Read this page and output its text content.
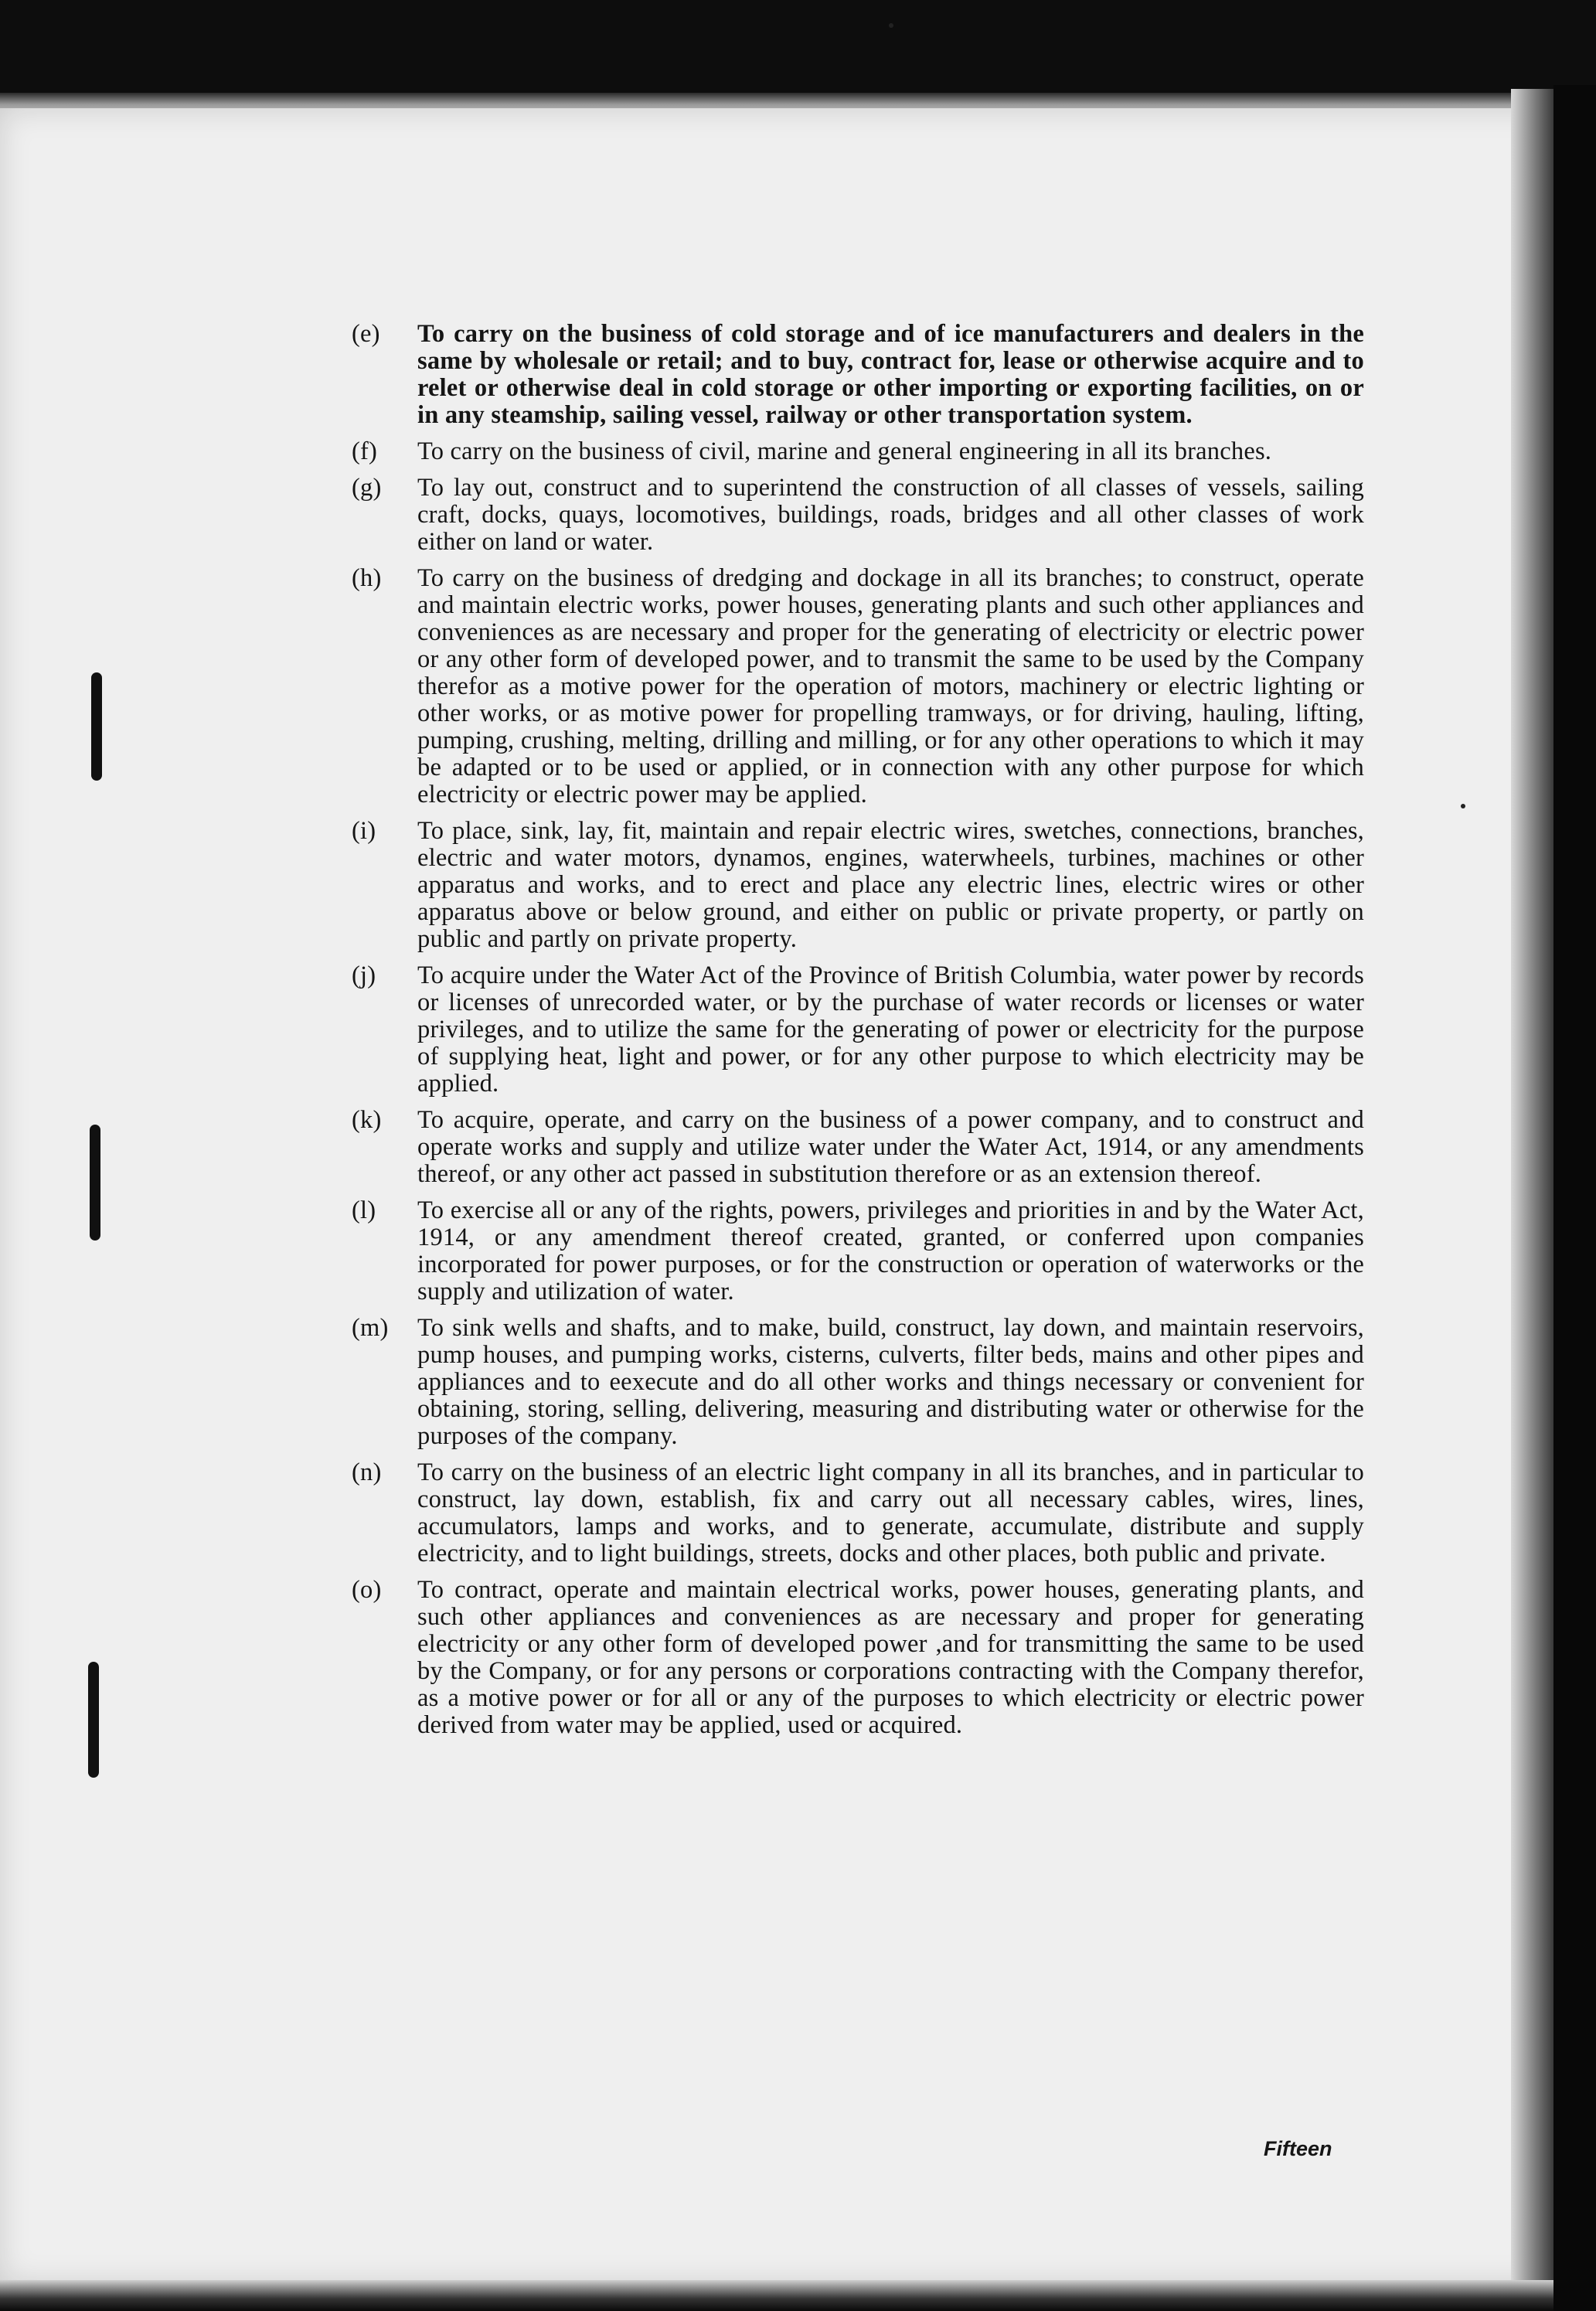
(e) To carry on the business of cold storage and of ice manufacturers and dealers in the same by wholesale or retail; and to buy, contract for, lease or otherwise acquire and to relet or otherwise deal in cold storage or other importing or exporting facilities, on or in any steamship, sailing vessel, railway or other transportation system.
(f) To carry on the business of civil, marine and general engineering in all its branches.
(g) To lay out, construct and to superintend the construction of all classes of vessels, sailing craft, docks, quays, locomotives, buildings, roads, bridges and all other classes of work either on land or water.
(h) To carry on the business of dredging and dockage in all its branches; to construct, operate and maintain electric works, power houses, generating plants and such other appliances and conveniences as are necessary and proper for the generating of electricity or electric power or any other form of developed power, and to transmit the same to be used by the Company therefor as a motive power for the operation of motors, machinery or electric lighting or other works, or as motive power for propelling tramways, or for driving, hauling, lifting, pumping, crushing, melting, drilling and milling, or for any other operations to which it may be adapted or to be used or applied, or in connection with any other purpose for which electricity or electric power may be applied.
(i) To place, sink, lay, fit, maintain and repair electric wires, swetches, connections, branches, electric and water motors, dynamos, engines, waterwheels, turbines, machines or other apparatus and works, and to erect and place any electric lines, electric wires or other apparatus above or below ground, and either on public or private property, or partly on public and partly on private property.
(j) To acquire under the Water Act of the Province of British Columbia, water power by records or licenses of unrecorded water, or by the purchase of water records or licenses or water privileges, and to utilize the same for the generating of power or electricity for the purpose of supplying heat, light and power, or for any other purpose to which electricity may be applied.
(k) To acquire, operate, and carry on the business of a power company, and to construct and operate works and supply and utilize water under the Water Act, 1914, or any amendments thereof, or any other act passed in substitution therefore or as an extension thereof.
(l) To exercise all or any of the rights, powers, privileges and priorities in and by the Water Act, 1914, or any amendment thereof created, granted, or conferred upon companies incorporated for power purposes, or for the construction or operation of waterworks or the supply and utilization of water.
(m) To sink wells and shafts, and to make, build, construct, lay down, and maintain reservoirs, pump houses, and pumping works, cisterns, culverts, filter beds, mains and other pipes and appliances and to eexecute and do all other works and things necessary or convenient for obtaining, storing, selling, delivering, measuring and distributing water or otherwise for the purposes of the company.
(n) To carry on the business of an electric light company in all its branches, and in particular to construct, lay down, establish, fix and carry out all necessary cables, wires, lines, accumulators, lamps and works, and to generate, accumulate, distribute and supply electricity, and to light buildings, streets, docks and other places, both public and private.
(o) To contract, operate and maintain electrical works, power houses, generating plants, and such other appliances and conveniences as are necessary and proper for generating electricity or any other form of developed power ,and for transmitting the same to be used by the Company, or for any persons or corporations contracting with the Company therefor, as a motive power or for all or any of the purposes to which electricity or electric power derived from water may be applied, used or acquired.
Fifteen
